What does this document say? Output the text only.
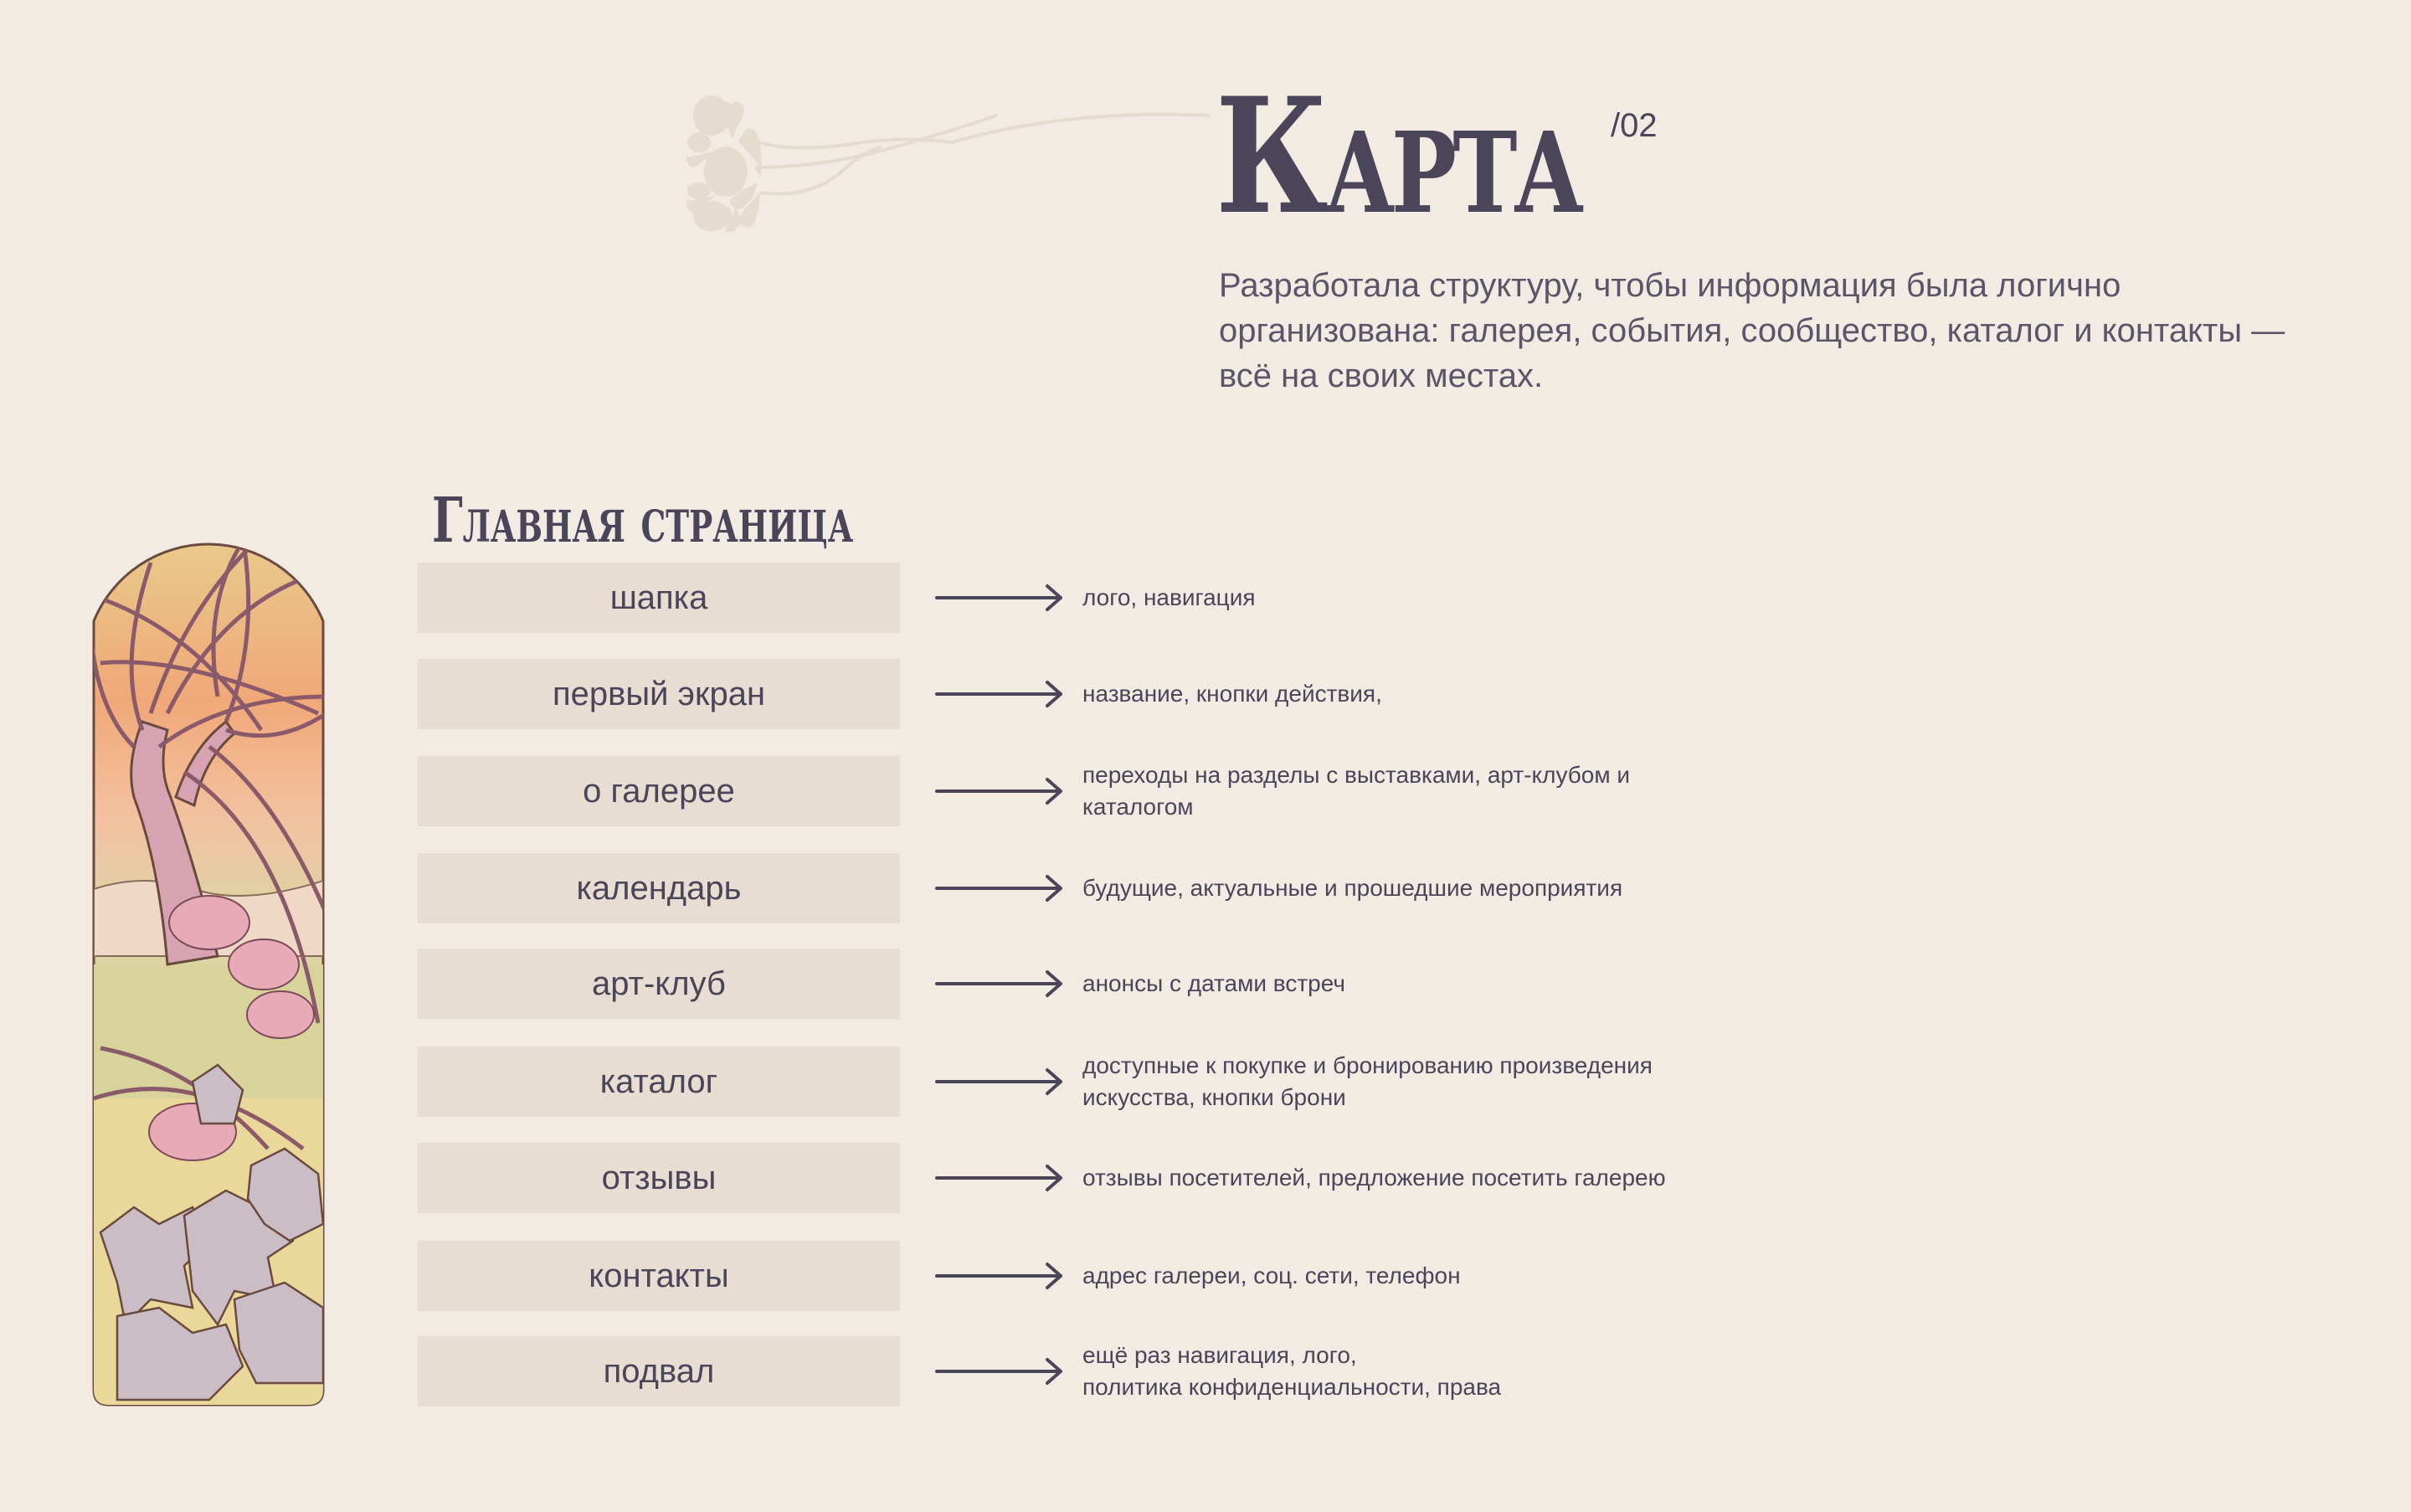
Карта /02
Разработала структуру, чтобы информация была логично организована: галерея, события, сообщество, каталог и контакты — всё на своих местах.
Главная страница
шапка	лого, навигация
первый экран	название, кнопки действия,
о галерее	переходы на разделы с выставками, арт-клубом и
каталогом
календарь	будущие, актуальные и прошедшие мероприятия
арт-клуб	анонсы с датами встреч
каталог	доступные к покупке и бронированию произведения
искусства, кнопки брони
отзывы	отзывы посетителей, предложение посетить галерею
контакты	адрес галереи, соц. сети, телефон
подвал	ещё раз навигация, лого,
политика конфиденциальности, права
